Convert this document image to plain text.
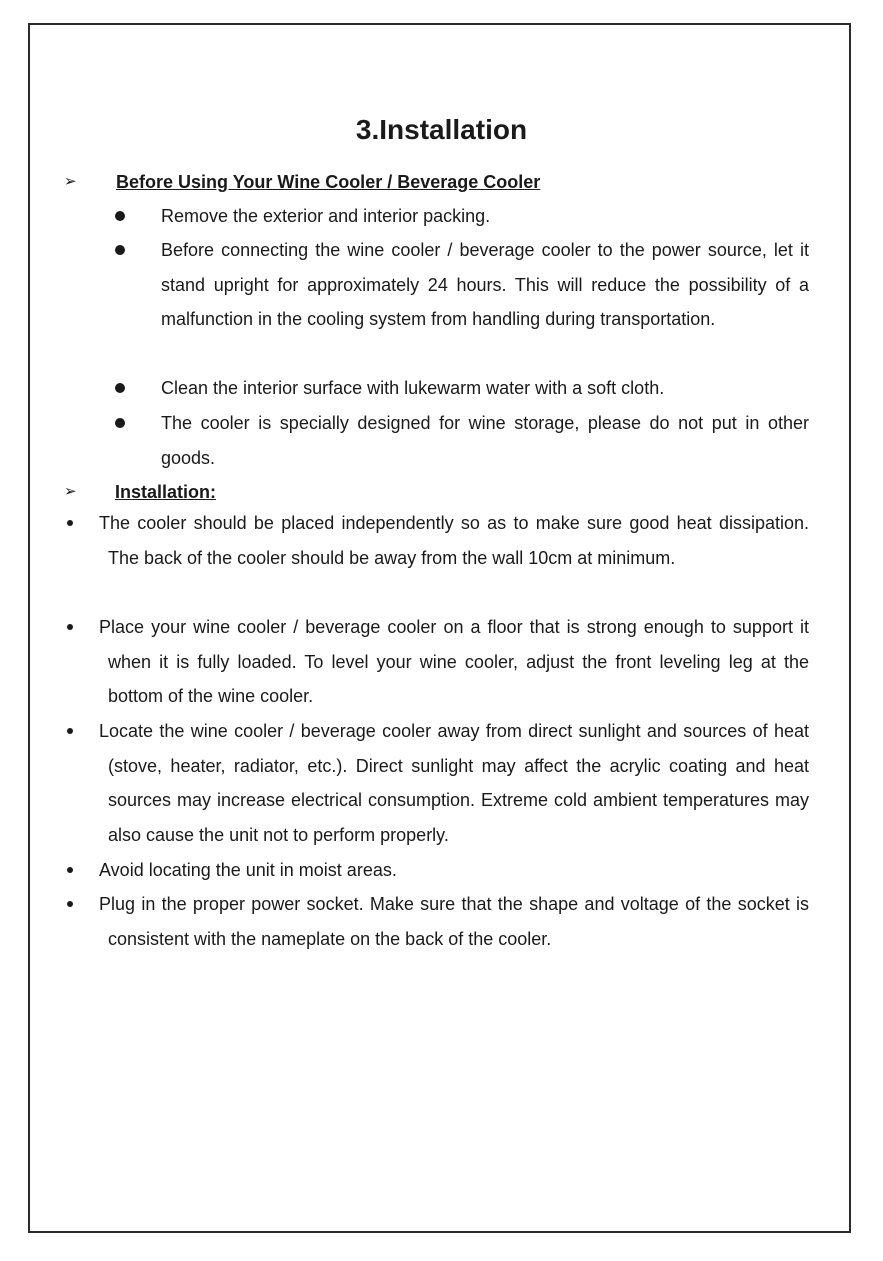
3.Installation
➢	Before Using Your Wine Cooler / Beverage Cooler
Remove the exterior and interior packing.
Before connecting the wine cooler / beverage cooler to the power source, let it stand upright for approximately 24 hours. This will reduce the possibility of a malfunction in the cooling system from handling during transportation.
Clean the interior surface with lukewarm water with a soft cloth.
The cooler is specially designed for wine storage, please do not put in other goods.
➢	Installation:
The cooler should be placed independently so as to make sure good heat dissipation. The back of the cooler should be away from the wall 10cm at minimum.
Place your wine cooler / beverage cooler on a floor that is strong enough to support it when it is fully loaded. To level your wine cooler, adjust the front leveling leg at the bottom of the wine cooler.
Locate the wine cooler / beverage cooler away from direct sunlight and sources of heat (stove, heater, radiator, etc.). Direct sunlight may affect the acrylic coating and heat sources may increase electrical consumption. Extreme cold ambient temperatures may also cause the unit not to perform properly.
Avoid locating the unit in moist areas.
Plug in the proper power socket. Make sure that the shape and voltage of the socket is consistent with the nameplate on the back of the cooler.
